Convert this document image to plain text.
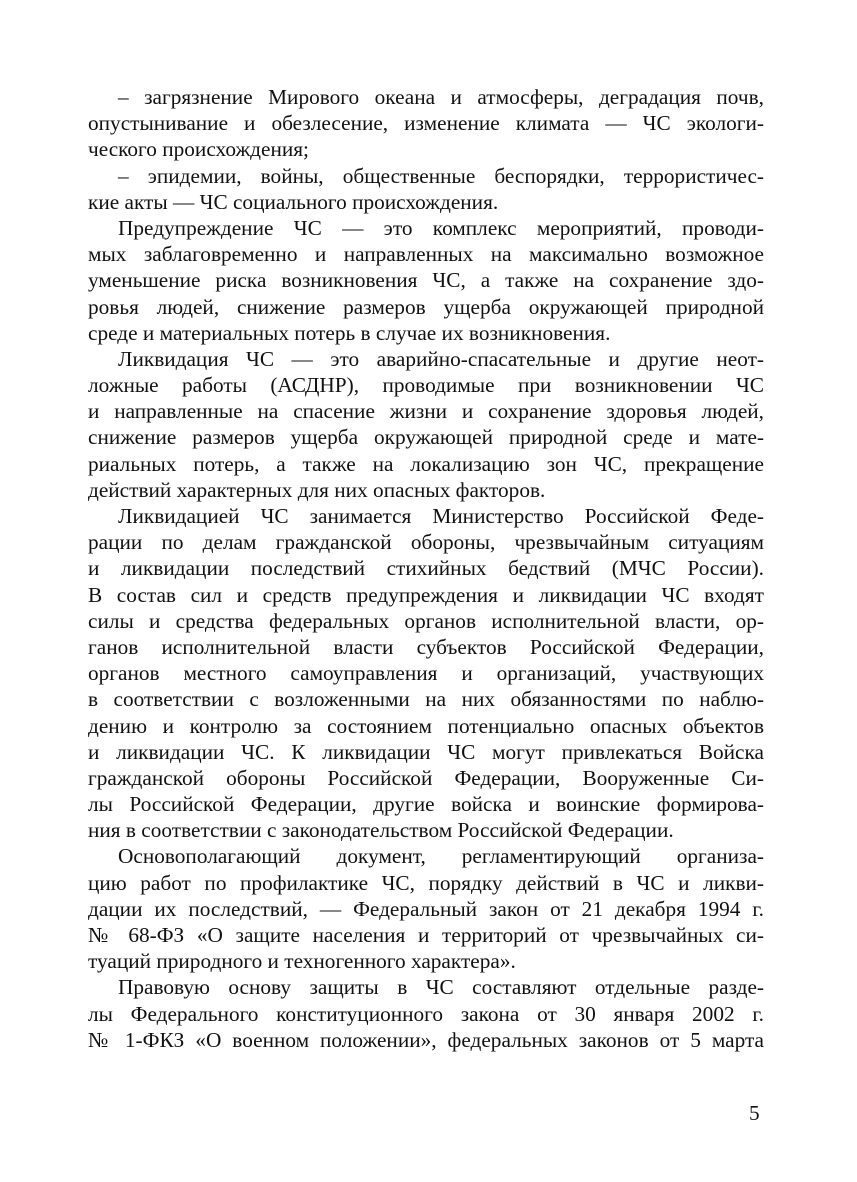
– загрязнение Мирового океана и атмосферы, деградация почв,
опустынивание и обезлесение, изменение климата — ЧС экологи-
ческого происхождения;
– эпидемии, войны, общественные беспорядки, террористичес-
кие акты — ЧС социального происхождения.
Предупреждение ЧС — это комплекс мероприятий, проводи-
мых заблаговременно и направленных на максимально возможное
уменьшение риска возникновения ЧС, а также на сохранение здо-
ровья людей, снижение размеров ущерба окружающей природной
среде и материальных потерь в случае их возникновения.
Ликвидация ЧС — это аварийно-спасательные и другие неот-
ложные работы (АСДНР), проводимые при возникновении ЧС
и направленные на спасение жизни и сохранение здоровья людей,
снижение размеров ущерба окружающей природной среде и мате-
риальных потерь, а также на локализацию зон ЧС, прекращение
действий характерных для них опасных факторов.
Ликвидацией ЧС занимается Министерство Российской Феде-
рации по делам гражданской обороны, чрезвычайным ситуациям
и ликвидации последствий стихийных бедствий (МЧС России).
В состав сил и средств предупреждения и ликвидации ЧС входят
силы и средства федеральных органов исполнительной власти, ор-
ганов исполнительной власти субъектов Российской Федерации,
органов местного самоуправления и организаций, участвующих
в соответствии с возложенными на них обязанностями по наблю-
дению и контролю за состоянием потенциально опасных объектов
и ликвидации ЧС. К ликвидации ЧС могут привлекаться Войска
гражданской обороны Российской Федерации, Вооруженные Си-
лы Российской Федерации, другие войска и воинские формирова-
ния в соответствии с законодательством Российской Федерации.
Основополагающий документ, регламентирующий организа-
цию работ по профилактике ЧС, порядку действий в ЧС и ликви-
дации их последствий, — Федеральный закон от 21 декабря 1994 г.
№ 68-ФЗ «О защите населения и территорий от чрезвычайных си-
туаций природного и техногенного характера».
Правовую основу защиты в ЧС составляют отдельные разде-
лы Федерального конституционного закона от 30 января 2002 г.
№ 1-ФКЗ «О военном положении», федеральных законов от 5 марта
5
